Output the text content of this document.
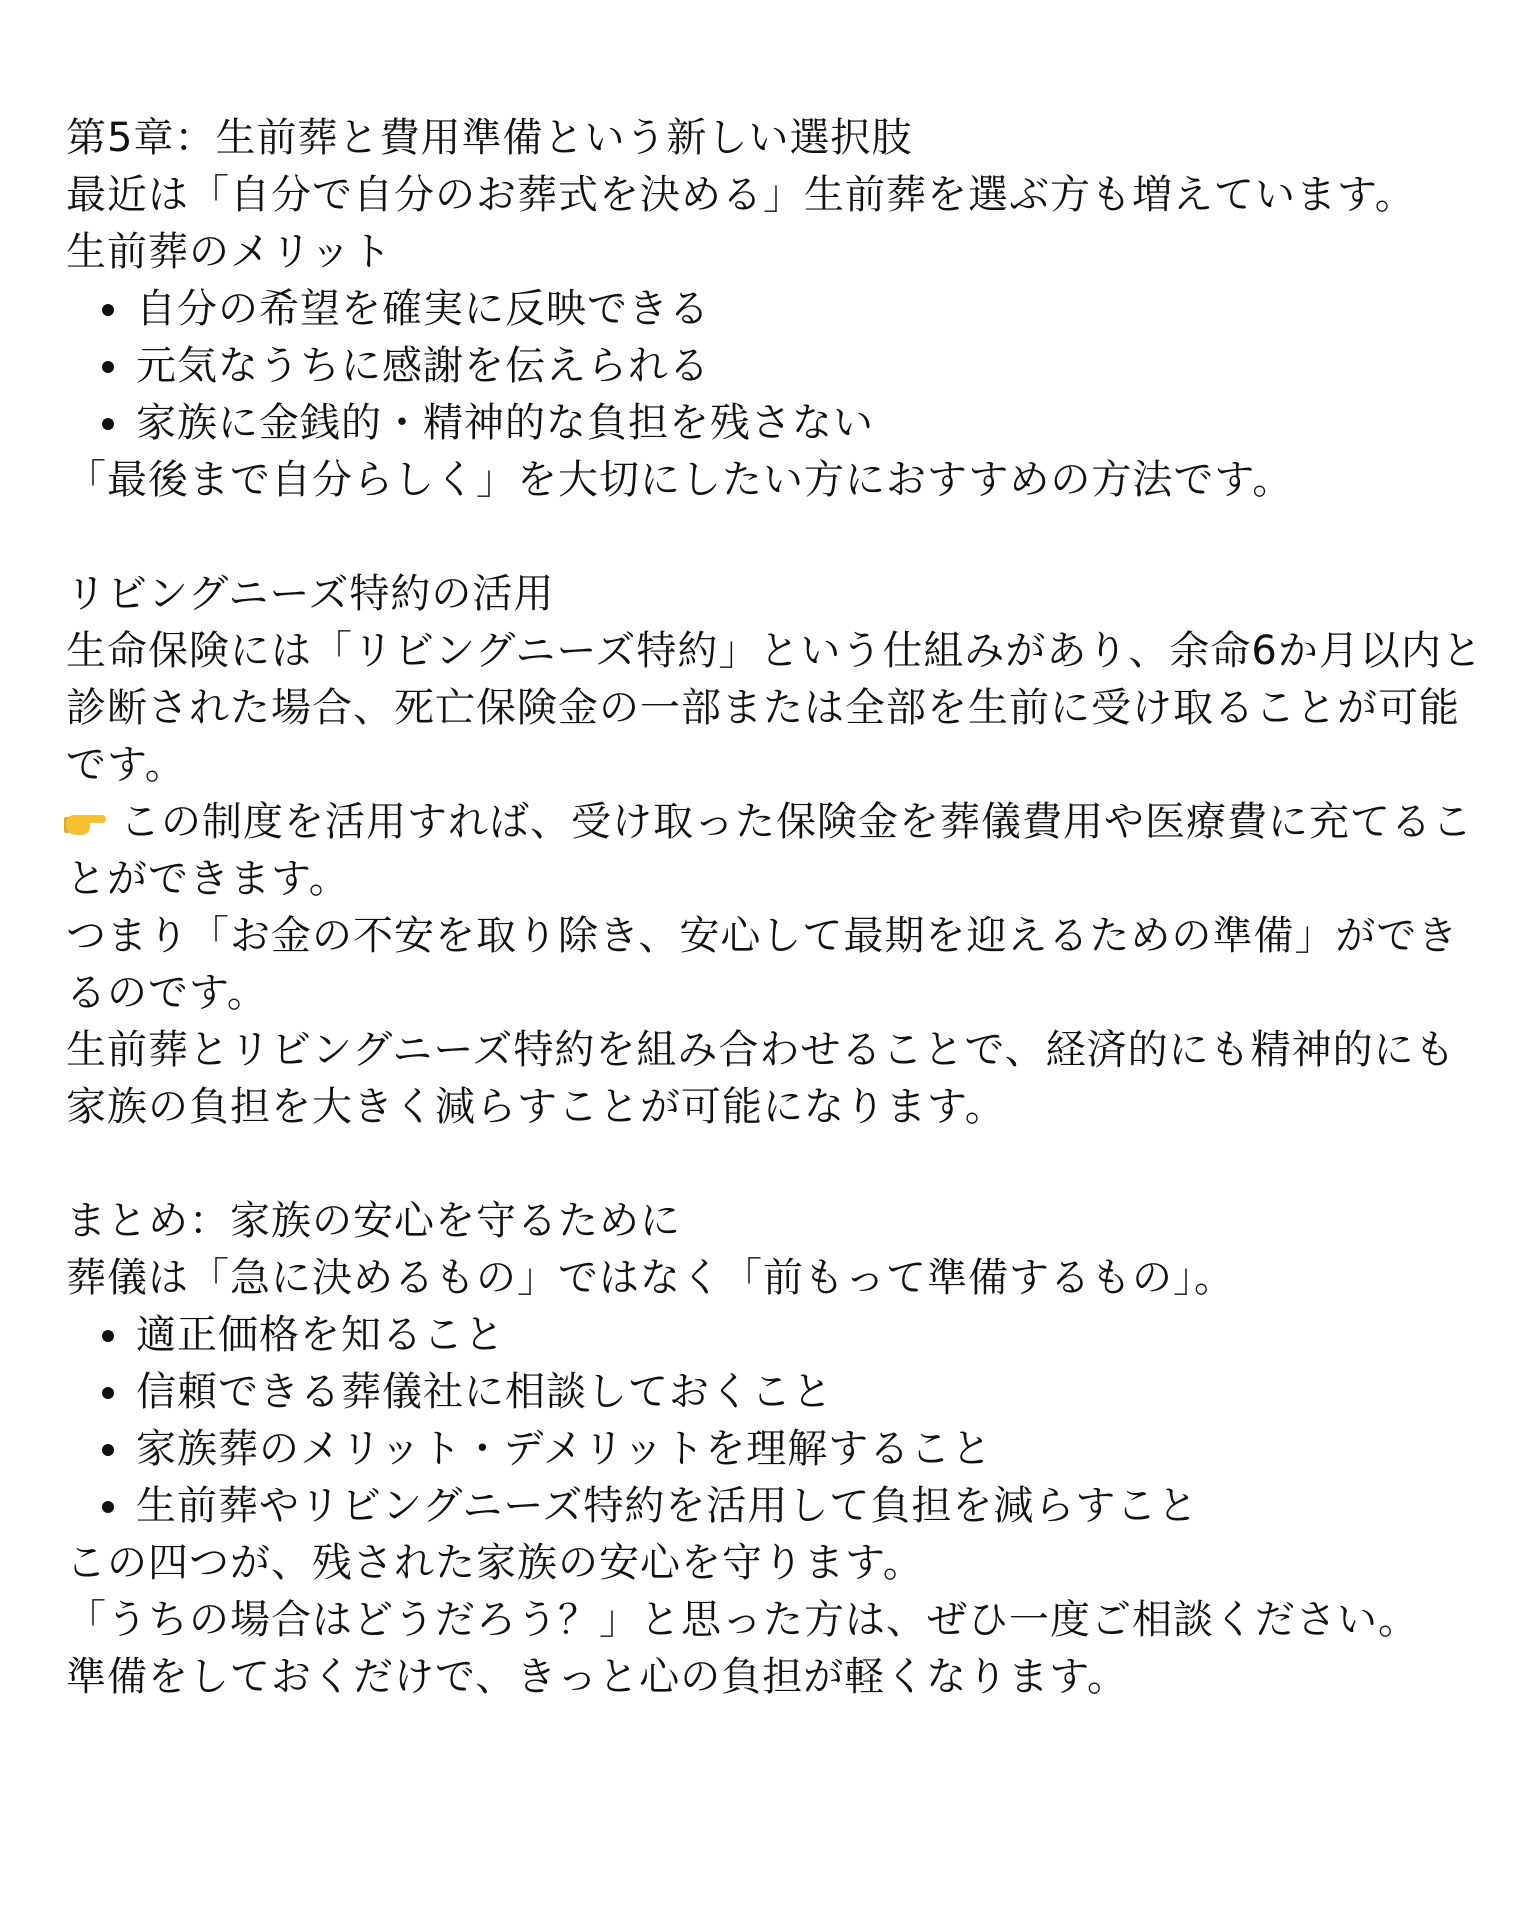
第5章：生前葬と費用準備という新しい選択肢

最近は「自分で自分のお葬式を決める」生前葬を選ぶ方も増えています。

生前葬のメリット

自分の希望を確実に反映できる
元気なうちに感謝を伝えられる
家族に金銭的・精神的な負担を残さない

「最後まで自分らしく」を大切にしたい方におすすめの方法です。

リビングニーズ特約の活用

生命保険には「リビングニーズ特約」という仕組みがあり、余命6か月以内と診断された場合、死亡保険金の一部または全部を生前に受け取ることが可能です。

この制度を活用すれば、受け取った保険金を葬儀費用や医療費に充てることができます。

つまり「お金の不安を取り除き、安心して最期を迎えるための準備」ができるのです。

生前葬とリビングニーズ特約を組み合わせることで、経済的にも精神的にも家族の負担を大きく減らすことが可能になります。

まとめ：家族の安心を守るために

葬儀は「急に決めるもの」ではなく「前もって準備するもの」。

適正価格を知ること
信頼できる葬儀社に相談しておくこと
家族葬のメリット・デメリットを理解すること
生前葬やリビングニーズ特約を活用して負担を減らすこと

この四つが、残された家族の安心を守ります。

「うちの場合はどうだろう？」と思った方は、ぜひ一度ご相談ください。

準備をしておくだけで、きっと心の負担が軽くなります。
